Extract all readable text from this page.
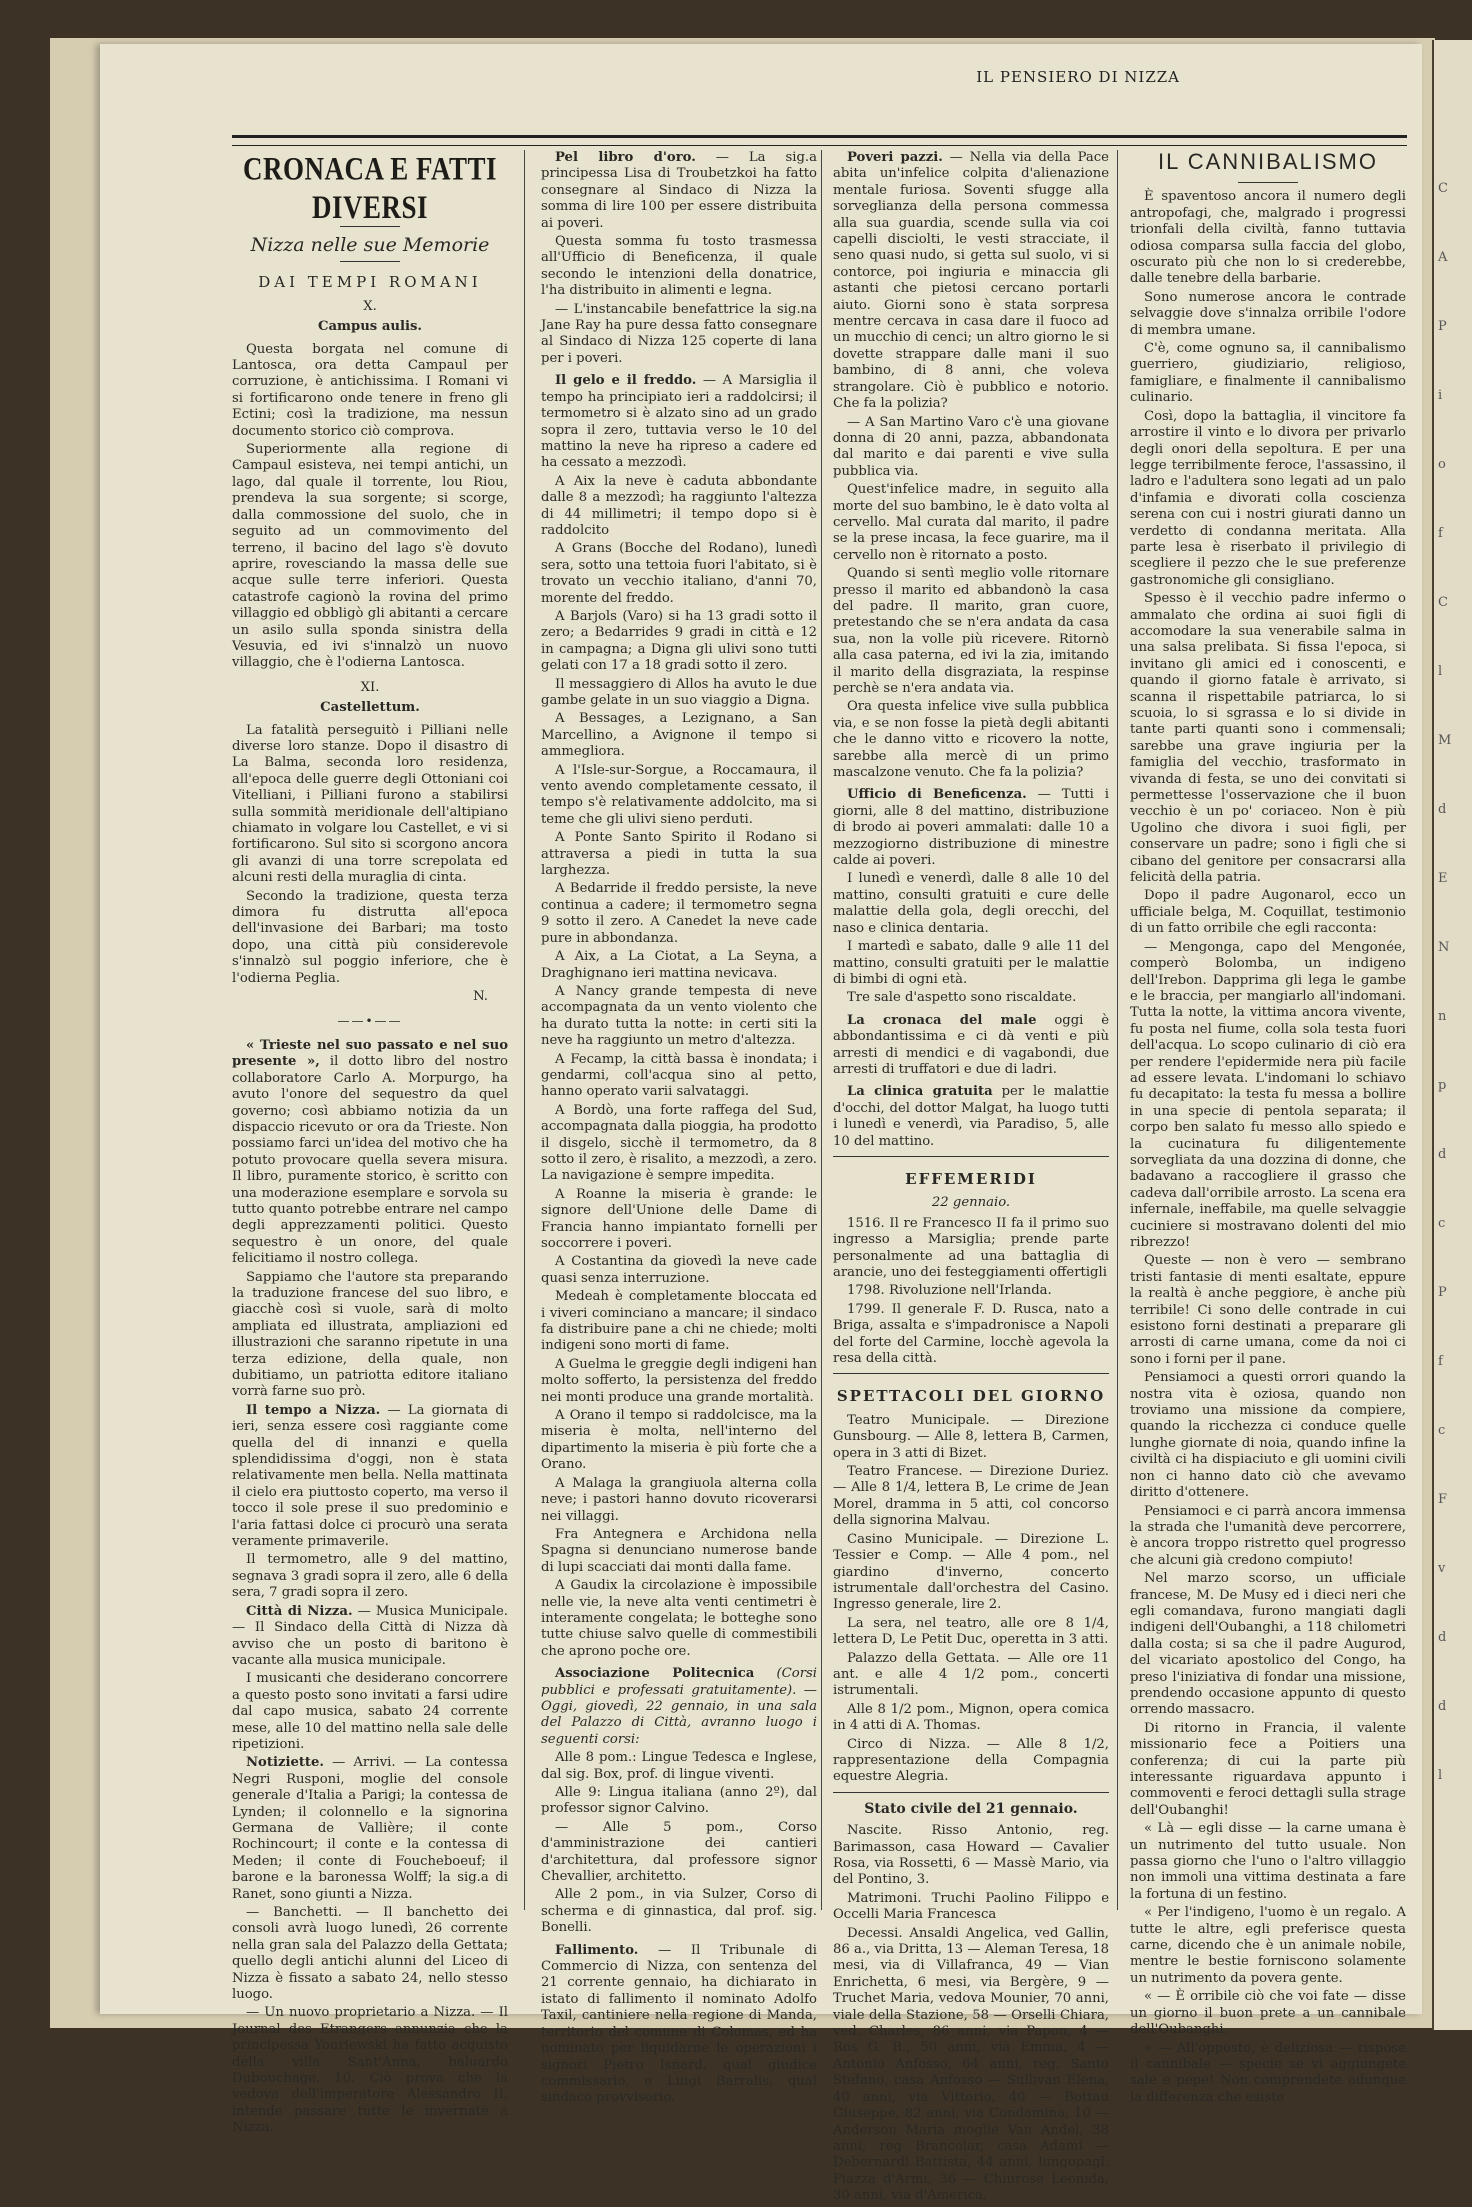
C
A
P
i
o
f
C
l
M
d
E
N
n
p
d
c
P
f
c
F
v
d
d
l
IL PENSIERO DI NIZZA
CRONACA E FATTI DIVERSI
Nizza nelle sue Memorie
DAI TEMPI ROMANI
X.
Campus aulis.

Questa borgata nel comune di Lantosca, ora detta Campaul per corruzione, è antichissima. I Romani vi si fortificarono onde tenere in freno gli Ectini; così la tradizione, ma nessun documento storico ciò comprova.

Superiormente alla regione di Campaul esisteva, nei tempi antichi, un lago, dal quale il torrente, lou Riou, prendeva la sua sorgente; si scorge, dalla commossione del suolo, che in seguito ad un commovimento del terreno, il bacino del lago s'è dovuto aprire, rovesciando la massa delle sue acque sulle terre inferiori. Questa catastrofe cagionò la rovina del primo villaggio ed obbligò gli abitanti a cercare un asilo sulla sponda sinistra della Vesuvia, ed ivi s'innalzò un nuovo villaggio, che è l'odierna Lantosca.

XI.
Castellettum.

La fatalità perseguitò i Pilliani nelle diverse loro stanze. Dopo il disastro di La Balma, seconda loro residenza, all'epoca delle guerre degli Ottoniani coi Vitelliani, i Pilliani furono a stabilirsi sulla sommità meridionale dell'altipiano chiamato in volgare lou Castellet, e vi si fortificarono. Sul sito si scorgono ancora gli avanzi di una torre screpolata ed alcuni resti della muraglia di cinta.

Secondo la tradizione, questa terza dimora fu distrutta all'epoca dell'invasione dei Barbari; ma tosto dopo, una città più considerevole s'innalzò sul poggio inferiore, che è l'odierna Peglia.

N.
——•——

« Trieste nel suo passato e nel suo presente », il dotto libro del nostro collaboratore Carlo A. Morpurgo, ha avuto l'onore del sequestro da quel governo; così abbiamo notizia da un dispaccio ricevuto or ora da Trieste. Non possiamo farci un'idea del motivo che ha potuto provocare quella severa misura. Il libro, puramente storico, è scritto con una moderazione esemplare e sorvola su tutto quanto potrebbe entrare nel campo degli apprezzamenti politici. Questo sequestro è un onore, del quale felicitiamo il nostro collega.

Sappiamo che l'autore sta preparando la traduzione francese del suo libro, e giacchè così si vuole, sarà di molto ampliata ed illustrata, ampliazioni ed illustrazioni che saranno ripetute in una terza edizione, della quale, non dubitiamo, un patriotta editore italiano vorrà farne suo prò.

Il tempo a Nizza. — La giornata di ieri, senza essere così raggiante come quella del di innanzi e quella splendidissima d'oggi, non è stata relativamente men bella. Nella mattinata il cielo era piuttosto coperto, ma verso il tocco il sole prese il suo predominio e l'aria fattasi dolce ci procurò una serata veramente primaverile.

Il termometro, alle 9 del mattino, segnava 3 gradi sopra il zero, alle 6 della sera, 7 gradi sopra il zero.

Città di Nizza. — Musica Municipale. — Il Sindaco della Città di Nizza dà avviso che un posto di baritono è vacante alla musica municipale.

I musicanti che desiderano concorrere a questo posto sono invitati a farsi udire dal capo musica, sabato 24 corrente mese, alle 10 del mattino nella sale delle ripetizioni.

Notiziette. — Arrivi. — La contessa Negri Rusponi, moglie del console generale d'Italia a Parigi; la contessa de Lynden; il colonnello e la signorina Germana de Vallière; il conte Rochincourt; il conte e la contessa di Meden; il conte di Foucheboeuf; il barone e la baronessa Wolff; la sig.a di Ranet, sono giunti a Nizza.

— Banchetti. — Il banchetto dei consoli avrà luogo lunedì, 26 corrente nella gran sala del Palazzo della Gettata; quello degli antichi alunni del Liceo di Nizza è fissato a sabato 24, nello stesso luogo.

— Un nuovo proprietario a Nizza. — Il Journal des Etrangers annunzia che la principessa Youriewski ha fatto acquisto della villa Sant'Anna, baluardo Dubouchage, 10. Ciò prova che la vedova dell'imperatore Alessandro II, intende passare tutte le invernate a Nizza.

Pel libro d'oro. — La sig.a principessa Lisa di Troubetzkoi ha fatto consegnare al Sindaco di Nizza la somma di lire 100 per essere distribuita ai poveri.

Questa somma fu tosto trasmessa all'Ufficio di Beneficenza, il quale secondo le intenzioni della donatrice, l'ha distribuito in alimenti e legna.

— L'instancabile benefattrice la sig.na Jane Ray ha pure dessa fatto consegnare al Sindaco di Nizza 125 coperte di lana per i poveri.

Il gelo e il freddo. — A Marsiglia il tempo ha principiato ieri a raddolcirsi; il termometro si è alzato sino ad un grado sopra il zero, tuttavia verso le 10 del mattino la neve ha ripreso a cadere ed ha cessato a mezzodì.

A Aix la neve è caduta abbondante dalle 8 a mezzodì; ha raggiunto l'altezza di 44 millimetri; il tempo dopo si è raddolcito

A Grans (Bocche del Rodano), lunedì sera, sotto una tettoia fuori l'abitato, si è trovato un vecchio italiano, d'anni 70, morente del freddo.

A Barjols (Varo) si ha 13 gradi sotto il zero; a Bedarrides 9 gradi in città e 12 in campagna; a Digna gli ulivi sono tutti gelati con 17 a 18 gradi sotto il zero.

Il messaggiero di Allos ha avuto le due gambe gelate in un suo viaggio a Digna.

A Bessages, a Lezignano, a San Marcellino, a Avignone il tempo si ammegliora.

A l'Isle-sur-Sorgue, a Roccamaura, il vento avendo completamente cessato, il tempo s'è relativamente addolcito, ma si teme che gli ulivi sieno perduti.

A Ponte Santo Spirito il Rodano si attraversa a piedi in tutta la sua larghezza.

A Bedarride il freddo persiste, la neve continua a cadere; il termometro segna 9 sotto il zero. A Canedet la neve cade pure in abbondanza.

A Aix, a La Ciotat, a La Seyna, a Draghignano ieri mattina nevicava.

A Nancy grande tempesta di neve accompagnata da un vento violento che ha durato tutta la notte: in certi siti la neve ha raggiunto un metro d'altezza.

A Fecamp, la città bassa è inondata; i gendarmi, coll'acqua sino al petto, hanno operato varii salvataggi.

A Bordò, una forte raffega del Sud, accompagnata dalla pioggia, ha prodotto il disgelo, sicchè il termometro, da 8 sotto il zero, è risalito, a mezzodì, a zero. La navigazione è sempre impedita.

A Roanne la miseria è grande: le signore dell'Unione delle Dame di Francia hanno impiantato fornelli per soccorrere i poveri.

A Costantina da giovedì la neve cade quasi senza interruzione.

Medeah è completamente bloccata ed i viveri cominciano a mancare; il sindaco fa distribuire pane a chi ne chiede; molti indigeni sono morti di fame.

A Guelma le greggie degli indigeni han molto sofferto, la persistenza del freddo nei monti produce una grande mortalità.

A Orano il tempo si raddolcisce, ma la miseria è molta, nell'interno del dipartimento la miseria è più forte che a Orano.

A Malaga la grangiuola alterna colla neve; i pastori hanno dovuto ricoverarsi nei villaggi.

Fra Antegnera e Archidona nella Spagna si denunciano numerose bande di lupi scacciati dai monti dalla fame.

A Gaudix la circolazione è impossibile nelle vie, la neve alta venti centimetri è interamente congelata; le botteghe sono tutte chiuse salvo quelle di commestibili che aprono poche ore.

Associazione Politecnica (Corsi pubblici e professati gratuitamente). — Oggi, giovedì, 22 gennaio, in una sala del Palazzo di Città, avranno luogo i seguenti corsi:

Alle 8 pom.: Lingue Tedesca e Inglese, dal sig. Box, prof. di lingue viventi.

Alle 9: Lingua italiana (anno 2º), dal professor signor Calvino.

— Alle 5 pom., Corso d'amministrazione dei cantieri d'architettura, dal professore signor Chevallier, architetto.

Alle 2 pom., in via Sulzer, Corso di scherma e di ginnastica, dal prof. sig. Bonelli.

Fallimento. — Il Tribunale di Commercio di Nizza, con sentenza del 21 corrente gennaio, ha dichiarato in istato di fallimento il nominato Adolfo Taxil, cantiniere nella regione di Manda, territorio del comune di Colomas, ed ha nominato per liquidarne le operazioni i signori Pietro Isnard, qual giudice commissario, e Luigi Barralis, qual sindaco provvisorio.

Poveri pazzi. — Nella via della Pace abita un'infelice colpita d'alienazione mentale furiosa. Soventi sfugge alla sorveglianza della persona commessa alla sua guardia, scende sulla via coi capelli disciolti, le vesti stracciate, il seno quasi nudo, si getta sul suolo, vi si contorce, poi ingiuria e minaccia gli astanti che pietosi cercano portarli aiuto. Giorni sono è stata sorpresa mentre cercava in casa dare il fuoco ad un mucchio di cenci; un altro giorno le si dovette strappare dalle mani il suo bambino, di 8 anni, che voleva strangolare. Ciò è pubblico e notorio. Che fa la polizia?

— A San Martino Varo c'è una giovane donna di 20 anni, pazza, abbandonata dal marito e dai parenti e vive sulla pubblica via.

Quest'infelice madre, in seguito alla morte del suo bambino, le è dato volta al cervello. Mal curata dal marito, il padre se la prese incasa, la fece guarire, ma il cervello non è ritornato a posto.

Quando si sentì meglio volle ritornare presso il marito ed abbandonò la casa del padre. Il marito, gran cuore, pretestando che se n'era andata da casa sua, non la volle più ricevere. Ritornò alla casa paterna, ed ivi la zia, imitando il marito della disgraziata, la respinse perchè se n'era andata via.

Ora questa infelice vive sulla pubblica via, e se non fosse la pietà degli abitanti che le danno vitto e ricovero la notte, sarebbe alla mercè di un primo mascalzone venuto. Che fa la polizia?

Ufficio di Beneficenza. — Tutti i giorni, alle 8 del mattino, distribuzione di brodo ai poveri ammalati: dalle 10 a mezzogiorno distribuzione di minestre calde ai poveri.

I lunedì e venerdì, dalle 8 alle 10 del mattino, consulti gratuiti e cure delle malattie della gola, degli orecchi, del naso e clinica dentaria.

I martedì e sabato, dalle 9 alle 11 del mattino, consulti gratuiti per le malattie di bimbi di ogni età.

Tre sale d'aspetto sono riscaldate.

La cronaca del male oggi è abbondantissima e ci dà venti e più arresti di mendici e di vagabondi, due arresti di truffatori e due di ladri.

La clinica gratuita per le malattie d'occhi, del dottor Malgat, ha luogo tutti i lunedì e venerdì, via Paradiso, 5, alle 10 del mattino.

EFFEMERIDI
22 gennaio.

1516. Il re Francesco II fa il primo suo ingresso a Marsiglia; prende parte personalmente ad una battaglia di arancie, uno dei festeggiamenti offertigli

1798. Rivoluzione nell'Irlanda.

1799. Il generale F. D. Rusca, nato a Briga, assalta e s'impadronisce a Napoli del forte del Carmine, locchè agevola la resa della città.

SPETTACOLI DEL GIORNO

Teatro Municipale. — Direzione Gunsbourg. — Alle 8, lettera B, Carmen, opera in 3 atti di Bizet.

Teatro Francese. — Direzione Duriez. — Alle 8 1/4, lettera B, Le crime de Jean Morel, dramma in 5 atti, col concorso della signorina Malvau.

Casino Municipale. — Direzione L. Tessier e Comp. — Alle 4 pom., nel giardino d'inverno, concerto istrumentale dall'orchestra del Casino. Ingresso generale, lire 2.

La sera, nel teatro, alle ore 8 1/4, lettera D, Le Petit Duc, operetta in 3 atti.

Palazzo della Gettata. — Alle ore 11 ant. e alle 4 1/2 pom., concerti istrumentali.

Alle 8 1/2 pom., Mignon, opera comica in 4 atti di A. Thomas.

Circo di Nizza. — Alle 8 1/2, rappresentazione della Compagnia equestre Alegria.

Stato civile del 21 gennaio.

Nascite. Risso Antonio, reg. Barimasson, casa Howard — Cavalier Rosa, via Rossetti, 6 — Massè Mario, via del Pontino, 3.

Matrimoni. Truchi Paolino Filippo e Occelli Maria Francesca

Decessi. Ansaldi Angelica, ved Gallin, 86 a., via Dritta, 13 — Aleman Teresa, 18 mesi, via di Villafranca, 49 — Vian Enrichetta, 6 mesi, via Bergère, 9 — Truchet Maria, vedova Mounier, 70 anni, viale della Stazione, 58 — Orselli Chiara, ved. Charles, 86 anni, via Papon, 4 — Ros G. B., 50 anni, via Emma, 4 — Antonio Anfosso, 64 anni, reg. Santo Stefano, casa Anfosso — Sullivan Elena, 40 anni, via Vittorio, 40 — Bottau Giuseppe, 82 anni, via Condamina, 10 — Anderson Maria moglie Van Andel, 38 anni, reg Brancolar, casa Adami — Debernardi Battista, 44 anni, lungopagl. Piazza d'Armi, 36 — Chiurose Leonida, 30 anni, via d'America.

IL CANNIBALISMO

È spaventoso ancora il numero degli antropofagi, che, malgrado i progressi trionfali della civiltà, fanno tuttavia odiosa comparsa sulla faccia del globo, oscurato più che non lo si crederebbe, dalle tenebre della barbarie.

Sono numerose ancora le contrade selvaggie dove s'innalza orribile l'odore di membra umane.

C'è, come ognuno sa, il cannibalismo guerriero, giudiziario, religioso, famigliare, e finalmente il cannibalismo culinario.

Così, dopo la battaglia, il vincitore fa arrostire il vinto e lo divora per privarlo degli onori della sepoltura. E per una legge terribilmente feroce, l'assassino, il ladro e l'adultera sono legati ad un palo d'infamia e divorati colla coscienza serena con cui i nostri giurati danno un verdetto di condanna meritata. Alla parte lesa è riserbato il privilegio di scegliere il pezzo che le sue preferenze gastronomiche gli consigliano.

Spesso è il vecchio padre infermo o ammalato che ordina ai suoi figli di accomodare la sua venerabile salma in una salsa prelibata. Si fissa l'epoca, si invitano gli amici ed i conoscenti, e quando il giorno fatale è arrivato, si scanna il rispettabile patriarca, lo si scuoia, lo si sgrassa e lo si divide in tante parti quanti sono i commensali; sarebbe una grave ingiuria per la famiglia del vecchio, trasformato in vivanda di festa, se uno dei convitati si permettesse l'osservazione che il buon vecchio è un po' coriaceo. Non è più Ugolino che divora i suoi figli, per conservare un padre; sono i figli che si cibano del genitore per consacrarsi alla felicità della patria.

Dopo il padre Augonarol, ecco un ufficiale belga, M. Coquillat, testimonio di un fatto orribile che egli racconta:

— Mengonga, capo del Mengonée, comperò Bolomba, un indigeno dell'Irebon. Dapprima gli lega le gambe e le braccia, per mangiarlo all'indomani. Tutta la notte, la vittima ancora vivente, fu posta nel fiume, colla sola testa fuori dell'acqua. Lo scopo culinario di ciò era per rendere l'epidermide nera più facile ad essere levata. L'indomani lo schiavo fu decapitato: la testa fu messa a bollire in una specie di pentola separata; il corpo ben salato fu messo allo spiedo e la cucinatura fu diligentemente sorvegliata da una dozzina di donne, che badavano a raccogliere il grasso che cadeva dall'orribile arrosto. La scena era infernale, ineffabile, ma quelle selvaggie cuciniere si mostravano dolenti del mio ribrezzo!

Queste — non è vero — sembrano tristi fantasie di menti esaltate, eppure la realtà è anche peggiore, è anche più terribile! Ci sono delle contrade in cui esistono forni destinati a preparare gli arrosti di carne umana, come da noi ci sono i forni per il pane.

Pensiamoci a questi orrori quando la nostra vita è oziosa, quando non troviamo una missione da compiere, quando la ricchezza ci conduce quelle lunghe giornate di noia, quando infine la civiltà ci ha dispiaciuto e gli uomini civili non ci hanno dato ciò che avevamo diritto d'ottenere.

Pensiamoci e ci parrà ancora immensa la strada che l'umanità deve percorrere, è ancora troppo ristretto quel progresso che alcuni già credono compiuto!

Nel marzo scorso, un ufficiale francese, M. De Musy ed i dieci neri che egli comandava, furono mangiati dagli indigeni dell'Oubanghi, a 118 chilometri dalla costa; si sa che il padre Augurod, del vicariato apostolico del Congo, ha preso l'iniziativa di fondar una missione, prendendo occasione appunto di questo orrendo massacro.

Di ritorno in Francia, il valente missionario fece a Poitiers una conferenza; di cui la parte più interessante riguardava appunto i commoventi e feroci dettagli sulla strage dell'Oubanghi!

« Là — egli disse — la carne umana è un nutrimento del tutto usuale. Non passa giorno che l'uno o l'altro villaggio non immoli una vittima destinata a fare la fortuna di un festino.

« Per l'indigeno, l'uomo è un regalo. A tutte le altre, egli preferisce questa carne, dicendo che è un animale nobile, mentre le bestie forniscono solamente un nutrimento da povera gente.

« — È orribile ciò che voi fate — disse un giorno il buon prete a un cannibale dell'Oubanghi.

« — All'opposto, è deliziosa — rispose il cannibale — specie se vi aggiungete sale e pepe! Non comprendete adunque la differenza che esiste
